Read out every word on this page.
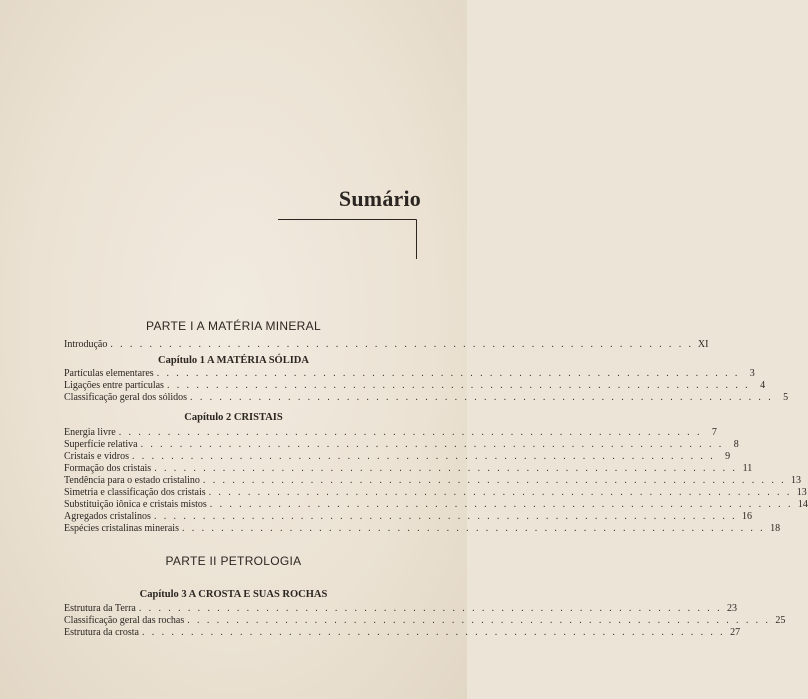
Sumário
PARTE I A MATÉRIA MINERAL
Introdução . . . . . . . . . . . . . . . . . . . . . . . . . . . . . . . . . . . . . . . . . . . . . . . . . . . . . . . . . . . . XI
Capítulo 1 A MATÉRIA SÓLIDA
Partículas elementares . . . . . . . . . . . . . . . . . . . . . . . . . . . . . . . . . . . . . . . . . . . . . . . . . . . . . . . . . . . .	3
Ligações entre partículas . . . . . . . . . . . . . . . . . . . . . . . . . . . . . . . . . . . . . . . . . . . . . . . . . . . . . . . . . . . .	4
Classificação geral dos sólidos . . . . . . . . . . . . . . . . . . . . . . . . . . . . . . . . . . . . . . . . . . . . . . . . . . . . . . . . . . . .	5
Capítulo 2 CRISTAIS
Energia livre . . . . . . . . . . . . . . . . . . . . . . . . . . . . . . . . . . . . . . . . . . . . . . . . . . . . . . . . . . . .	7
Superfície relativa . . . . . . . . . . . . . . . . . . . . . . . . . . . . . . . . . . . . . . . . . . . . . . . . . . . . . . . . . . . .	8
Cristais e vidros . . . . . . . . . . . . . . . . . . . . . . . . . . . . . . . . . . . . . . . . . . . . . . . . . . . . . . . . . . . .	9
Formação dos cristais . . . . . . . . . . . . . . . . . . . . . . . . . . . . . . . . . . . . . . . . . . . . . . . . . . . . . . . . . . . . 11
Tendência para o estado cristalino . . . . . . . . . . . . . . . . . . . . . . . . . . . . . . . . . . . . . . . . . . . . . . . . . . . . . . . . . . . . 13
Simetria e classificação dos cristais . . . . . . . . . . . . . . . . . . . . . . . . . . . . . . . . . . . . . . . . . . . . . . . . . . . . . . . . . . . . 13
Substituição iônica e cristais mistos . . . . . . . . . . . . . . . . . . . . . . . . . . . . . . . . . . . . . . . . . . . . . . . . . . . . . . . . . . . . 14
Agregados cristalinos . . . . . . . . . . . . . . . . . . . . . . . . . . . . . . . . . . . . . . . . . . . . . . . . . . . . . . . . . . . . 16
Espécies cristalinas minerais . . . . . . . . . . . . . . . . . . . . . . . . . . . . . . . . . . . . . . . . . . . . . . . . . . . . . . . . . . . . 18
PARTE II PETROLOGIA
Capítulo 3 A CROSTA E SUAS ROCHAS
Estrutura da Terra . . . . . . . . . . . . . . . . . . . . . . . . . . . . . . . . . . . . . . . . . . . . . . . . . . . . . . . . . . . . 23
Classificação geral das rochas . . . . . . . . . . . . . . . . . . . . . . . . . . . . . . . . . . . . . . . . . . . . . . . . . . . . . . . . . . . . 25
Estrutura da crosta . . . . . . . . . . . . . . . . . . . . . . . . . . . . . . . . . . . . . . . . . . . . . . . . . . . . . . . . . . . . 27
